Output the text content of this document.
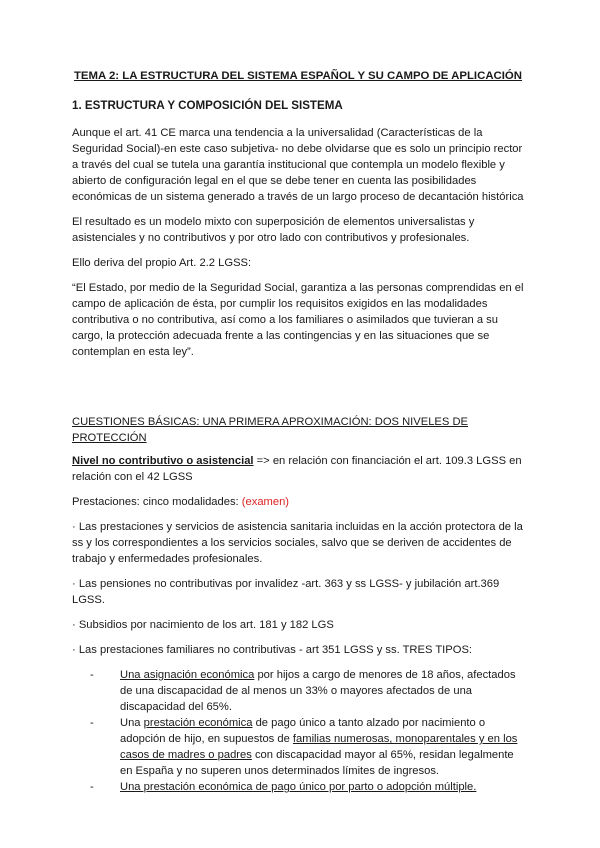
TEMA 2: LA ESTRUCTURA DEL SISTEMA ESPAÑOL Y SU CAMPO DE APLICACIÓN
1. ESTRUCTURA Y COMPOSICIÓN DEL SISTEMA

Aunque el art. 41 CE marca una tendencia a la universalidad (Características de la Seguridad Social)-en este caso subjetiva- no debe olvidarse que es solo un principio rector a través del cual se tutela una garantía institucional que contempla un modelo flexible y abierto de configuración legal en el que se debe tener en cuenta las posibilidades económicas de un sistema generado a través de un largo proceso de decantación histórica

El resultado es un modelo mixto con superposición de elementos universalistas y asistenciales y no contributivos y por otro lado con contributivos y profesionales.

Ello deriva del propio Art. 2.2 LGSS:

“El Estado, por medio de la Seguridad Social, garantiza a las personas comprendidas en el campo de aplicación de ésta, por cumplir los requisitos exigidos en las modalidades contributiva o no contributiva, así como a los familiares o asimilados que tuvieran a su cargo, la protección adecuada frente a las contingencias y en las situaciones que se contemplan en esta ley”.

CUESTIONES BÁSICAS: UNA PRIMERA APROXIMACIÓN: DOS NIVELES DE PROTECCIÓN

Nivel no contributivo o asistencial => en relación con financiación el art. 109.3 LGSS en relación con el 42 LGSS

Prestaciones: cinco modalidades: (examen)

· Las prestaciones y servicios de asistencia sanitaria incluidas en la acción protectora de la ss y los correspondientes a los servicios sociales, salvo que se deriven de accidentes de trabajo y enfermedades profesionales.

· Las pensiones no contributivas por invalidez -art. 363 y ss LGSS- y jubilación art.369 LGSS.

· Subsidios por nacimiento de los art. 181 y 182 LGS

· Las prestaciones familiares no contributivas - art 351 LGSS y ss. TRES TIPOS:

- Una asignación económica por hijos a cargo de menores de 18 años, afectados de una discapacidad de al menos un 33% o mayores afectados de una discapacidad del 65%.
- Una prestación económica de pago único a tanto alzado por nacimiento o adopción de hijo, en supuestos de familias numerosas, monoparentales y en los casos de madres o padres con discapacidad mayor al 65%, residan legalmente en España y no superen unos determinados límites de ingresos.
- Una prestación económica de pago único por parto o adopción múltiple.
